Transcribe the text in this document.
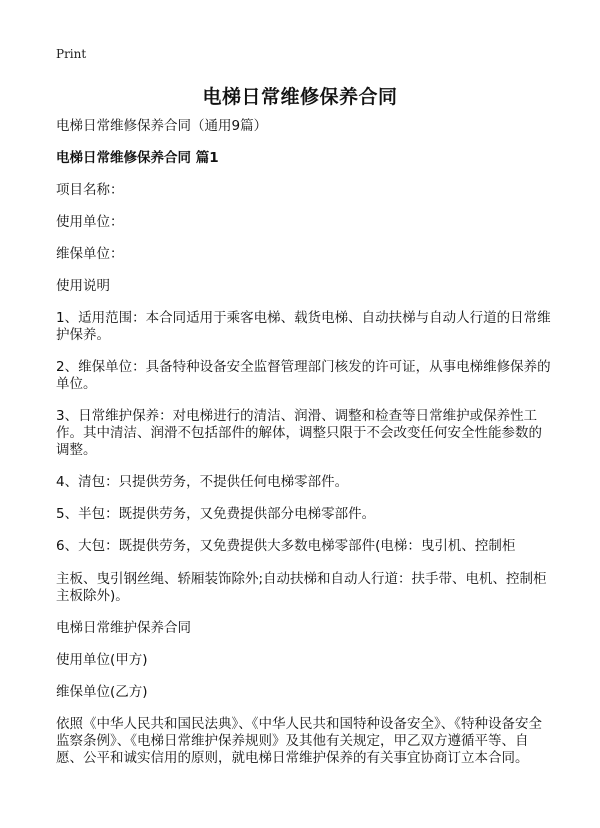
Print
电梯日常维修保养合同

电梯日常维修保养合同（通用9篇）

电梯日常维修保养合同 篇1

项目名称：

使用单位：

维保单位：

使用说明

1、适用范围：本合同适用于乘客电梯、载货电梯、自动扶梯与自动人行道的日常维护保养。

2、维保单位：具备特种设备安全监督管理部门核发的许可证，从事电梯维修保养的单位。

3、日常维护保养：对电梯进行的清洁、润滑、调整和检查等日常维护或保养性工作。其中清洁、润滑不包括部件的解体，调整只限于不会改变任何安全性能参数的调整。

4、清包：只提供劳务，不提供任何电梯零部件。

5、半包：既提供劳务，又免费提供部分电梯零部件。

6、大包：既提供劳务，又免费提供大多数电梯零部件(电梯：曳引机、控制柜

主板、曳引钢丝绳、轿厢装饰除外;自动扶梯和自动人行道：扶手带、电机、控制柜主板除外)。

电梯日常维护保养合同

使用单位(甲方)

维保单位(乙方)

依照《中华人民共和国民法典》、《中华人民共和国特种设备安全》、《特种设备安全监察条例》、《电梯日常维护保养规则》及其他有关规定，甲乙双方遵循平等、自愿、公平和诚实信用的原则，就电梯日常维护保养的有关事宜协商订立本合同。
